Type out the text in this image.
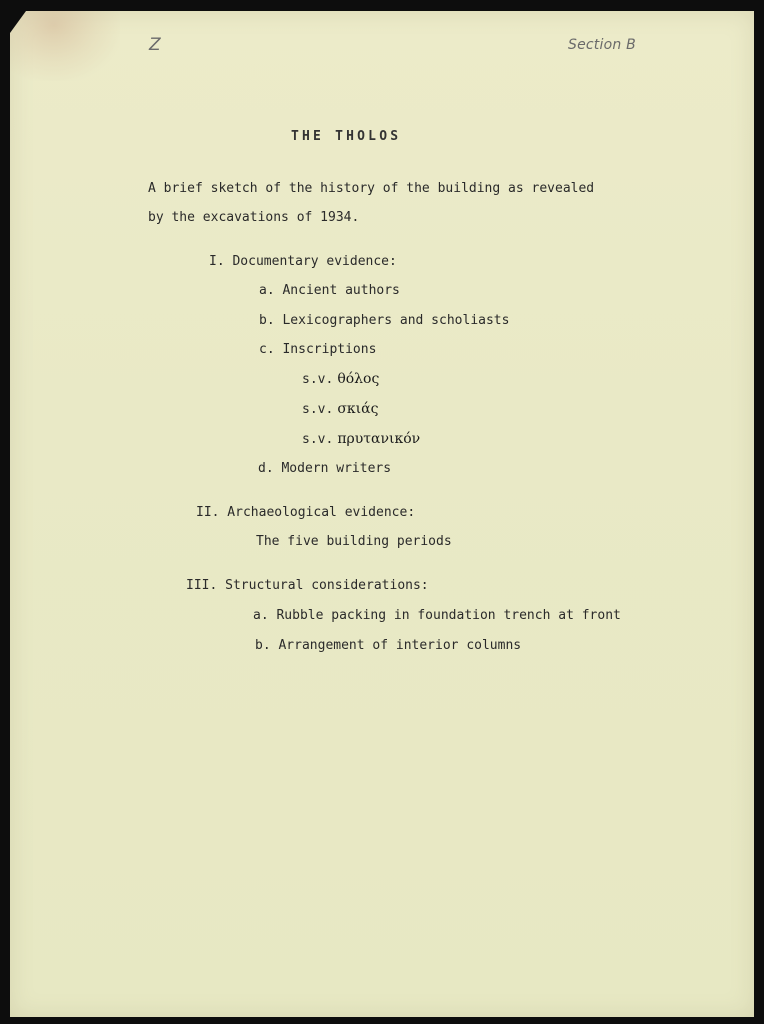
Z	Section B
THE THOLOS
A brief sketch of the history of the building as revealed
by the excavations of 1934.
I. Documentary evidence:
a. Ancient authors
b. Lexicographers and scholiasts
c. Inscriptions
s.v. θόλος
s.v. σκιάς
s.v. πρυτανικόν
d. Modern writers
II. Archaeological evidence:
The five building periods
III. Structural considerations:
a. Rubble packing in foundation trench at front
b. Arrangement of interior columns
